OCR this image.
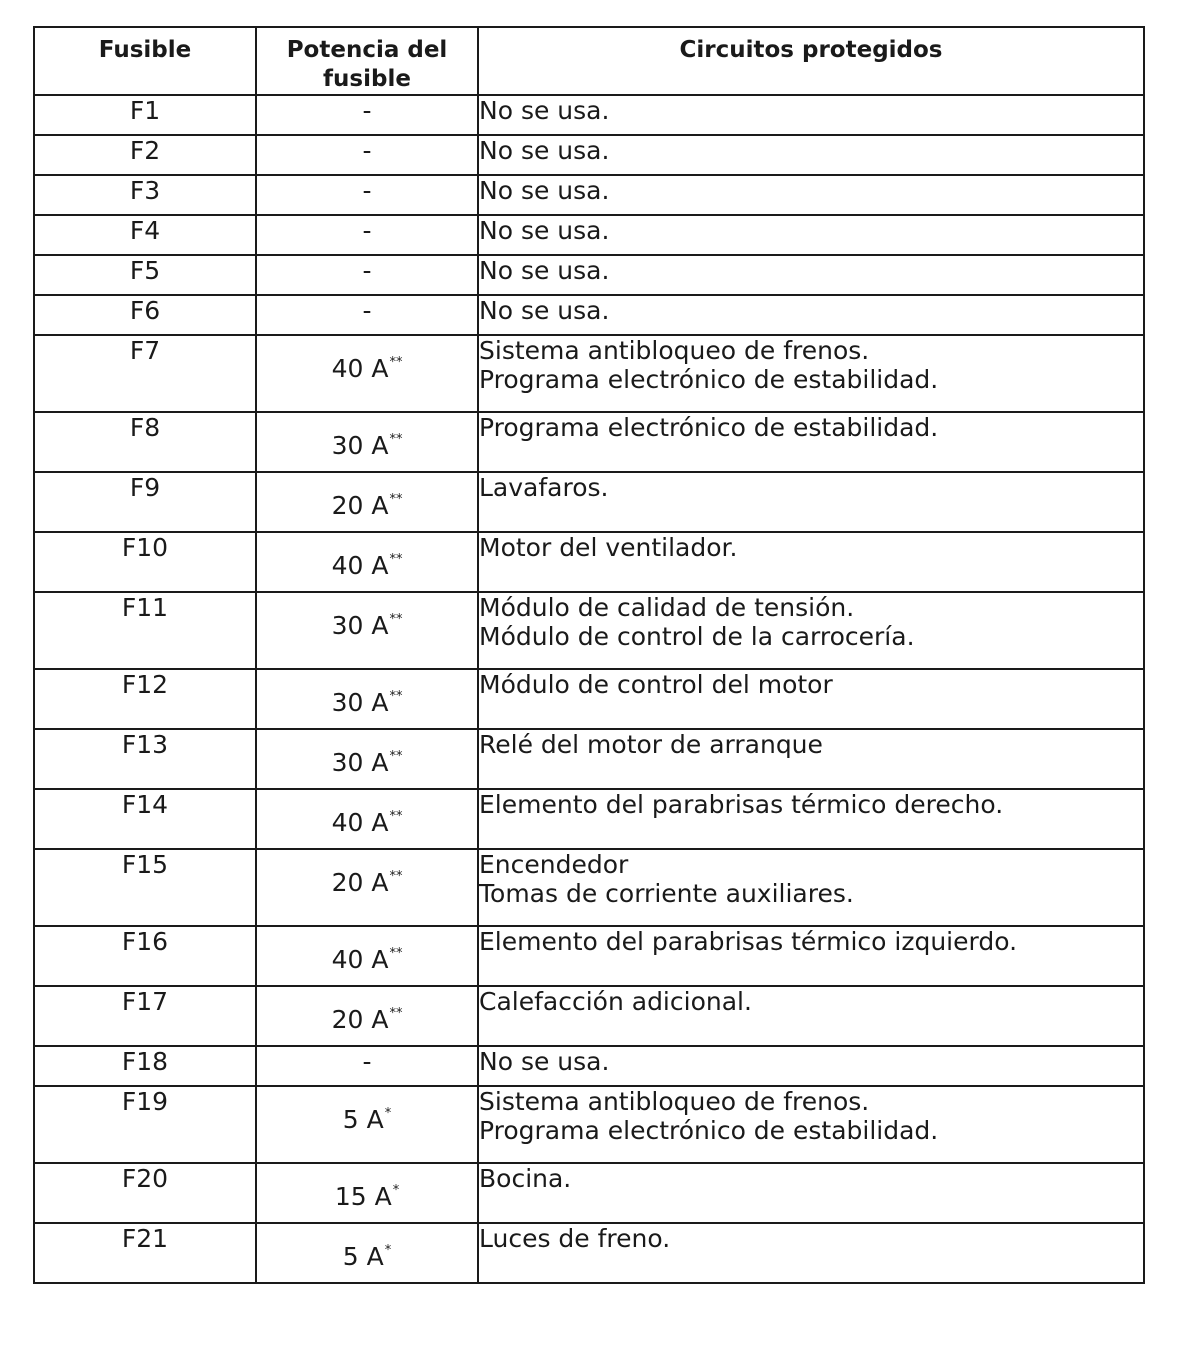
Fusible	Potencia del fusible	Circuitos protegidos
F1	-	No se usa.

F2	-	No se usa.

F3	-	No se usa.

F4	-	No se usa.

F5	-	No se usa.

F6	-	No se usa.

F7	40 A**	Sistema antibloqueo de frenos.
Programa electrónico de estabilidad.

F8	30 A**	Programa electrónico de estabilidad.

F9	20 A**	Lavafaros.

F10	40 A**	Motor del ventilador.

F11	30 A**	Módulo de calidad de tensión.
Módulo de control de la carrocería.

F12	30 A**	Módulo de control del motor

F13	30 A**	Relé del motor de arranque

F14	40 A**	Elemento del parabrisas térmico derecho.

F15	20 A**	Encendedor
Tomas de corriente auxiliares.

F16	40 A**	Elemento del parabrisas térmico izquierdo.

F17	20 A**	Calefacción adicional.

F18	-	No se usa.

F19	5 A*	Sistema antibloqueo de frenos.
Programa electrónico de estabilidad.

F20	15 A*	Bocina.

F21	5 A*	Luces de freno.
